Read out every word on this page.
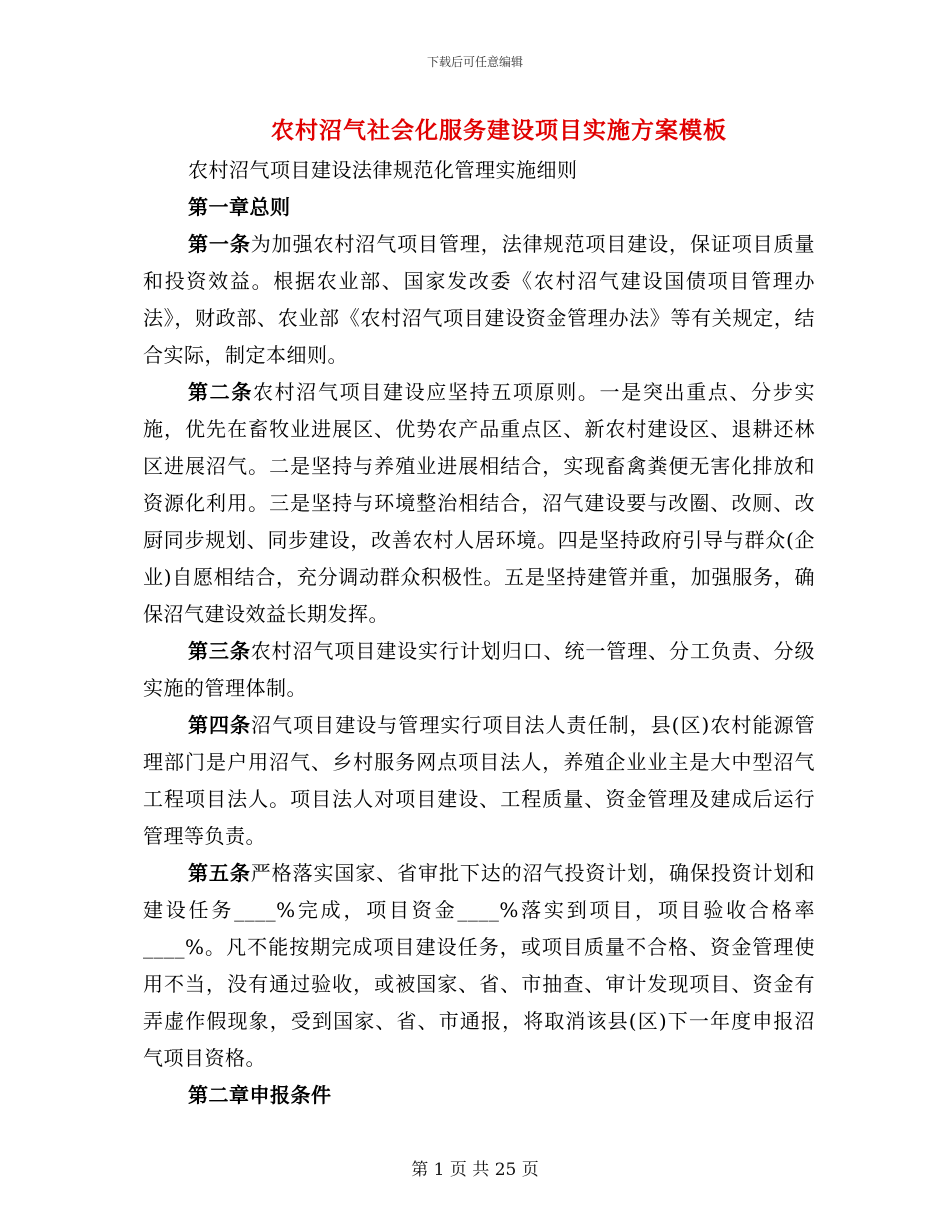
下载后可任意编辑
农村沼气社会化服务建设项目实施方案模板

农村沼气项目建设法律规范化管理实施细则

第一章总则

第一条为加强农村沼气项目管理，法律规范项目建设，保证项目质量和投资效益。根据农业部、国家发改委《农村沼气建设国债项目管理办法》，财政部、农业部《农村沼气项目建设资金管理办法》等有关规定，结合实际，制定本细则。

第二条农村沼气项目建设应坚持五项原则。一是突出重点、分步实施，优先在畜牧业进展区、优势农产品重点区、新农村建设区、退耕还林区进展沼气。二是坚持与养殖业进展相结合，实现畜禽粪便无害化排放和资源化利用。三是坚持与环境整治相结合，沼气建设要与改圈、改厕、改厨同步规划、同步建设，改善农村人居环境。四是坚持政府引导与群众(企业)自愿相结合，充分调动群众积极性。五是坚持建管并重，加强服务，确保沼气建设效益长期发挥。

第三条农村沼气项目建设实行计划归口、统一管理、分工负责、分级实施的管理体制。

第四条沼气项目建设与管理实行项目法人责任制，县(区)农村能源管理部门是户用沼气、乡村服务网点项目法人，养殖企业业主是大中型沼气工程项目法人。项目法人对项目建设、工程质量、资金管理及建成后运行管理等负责。

第五条严格落实国家、省审批下达的沼气投资计划，确保投资计划和建设任务____%完成，项目资金____%落实到项目，项目验收合格率____%。凡不能按期完成项目建设任务，或项目质量不合格、资金管理使用不当，没有通过验收，或被国家、省、市抽查、审计发现项目、资金有弄虚作假现象，受到国家、省、市通报，将取消该县(区)下一年度申报沼气项目资格。

第二章申报条件

第 1 页 共 25 页
